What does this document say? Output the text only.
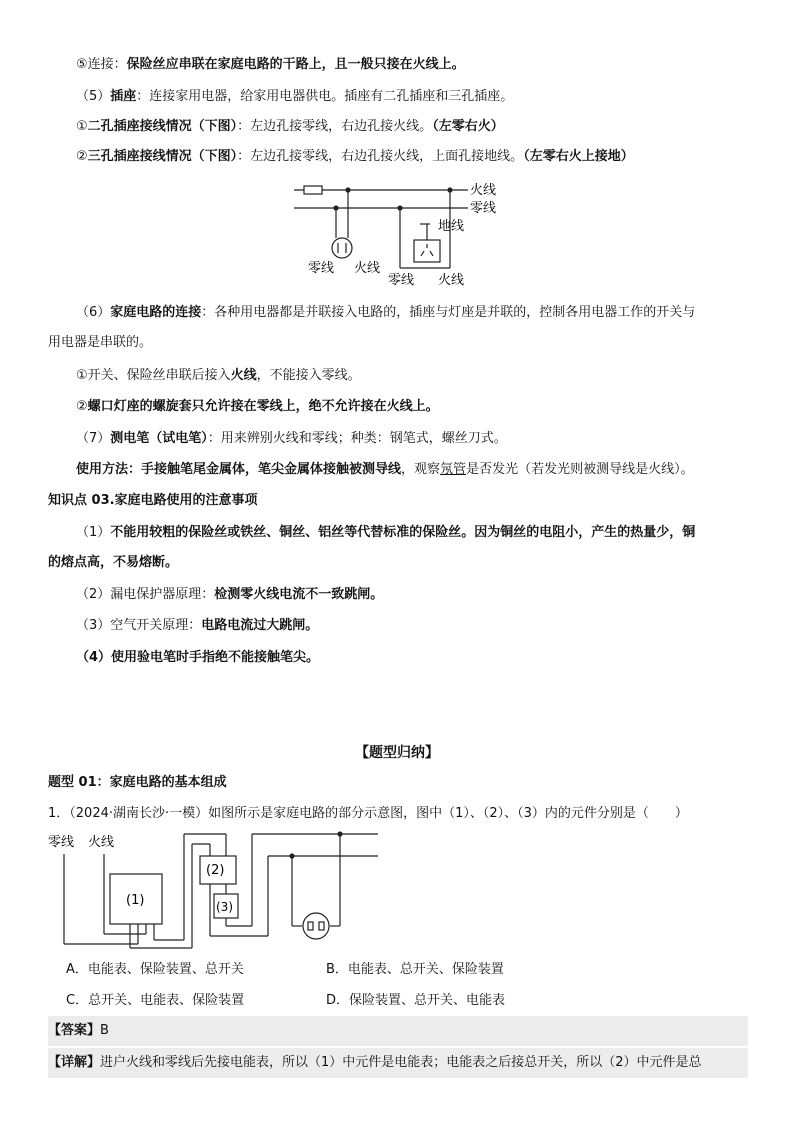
⑤连接：保险丝应串联在家庭电路的干路上，且一般只接在火线上。
（5）插座：连接家用电器，给家用电器供电。插座有二孔插座和三孔插座。
①二孔插座接线情况（下图）：左边孔接零线，右边孔接火线。（左零右火）
②三孔插座接线情况（下图）：左边孔接零线，右边孔接火线，上面孔接地线。（左零右火上接地）
火线
零线
地线
零线 火线
零线 火线
（6）家庭电路的连接：各种用电器都是并联接入电路的，插座与灯座是并联的，控制各用电器工作的开关与
用电器是串联的。
①开关、保险丝串联后接入火线，不能接入零线。
②螺口灯座的螺旋套只允许接在零线上，绝不允许接在火线上。
（7）测电笔（试电笔）：用来辨别火线和零线；种类：钢笔式，螺丝刀式。
使用方法：手接触笔尾金属体，笔尖金属体接触被测导线，观察氖管是否发光（若发光则被测导线是火线）。
知识点 03.家庭电路使用的注意事项
（1）不能用较粗的保险丝或铁丝、铜丝、铝丝等代替标准的保险丝。因为铜丝的电阻小，产生的热量少，铜
的熔点高，不易熔断。
（2）漏电保护器原理：检测零火线电流不一致跳闸。
（3）空气开关原理：电路电流过大跳闸。
（4）使用验电笔时手指绝不能接触笔尖。
【题型归纳】
题型 01：家庭电路的基本组成
1．（2024·湖南长沙·一模）如图所示是家庭电路的部分示意图，图中（1）、（2）、（3）内的元件分别是（　　）
零线 火线
(1)
(2)
(3)
A．电能表、保险装置、总开关	B．电能表、总开关、保险装置
C．总开关、电能表、保险装置	D．保险装置、总开关、电能表
【答案】B
【详解】进户火线和零线后先接电能表，所以（1）中元件是电能表；电能表之后接总开关，所以（2）中元件是总
